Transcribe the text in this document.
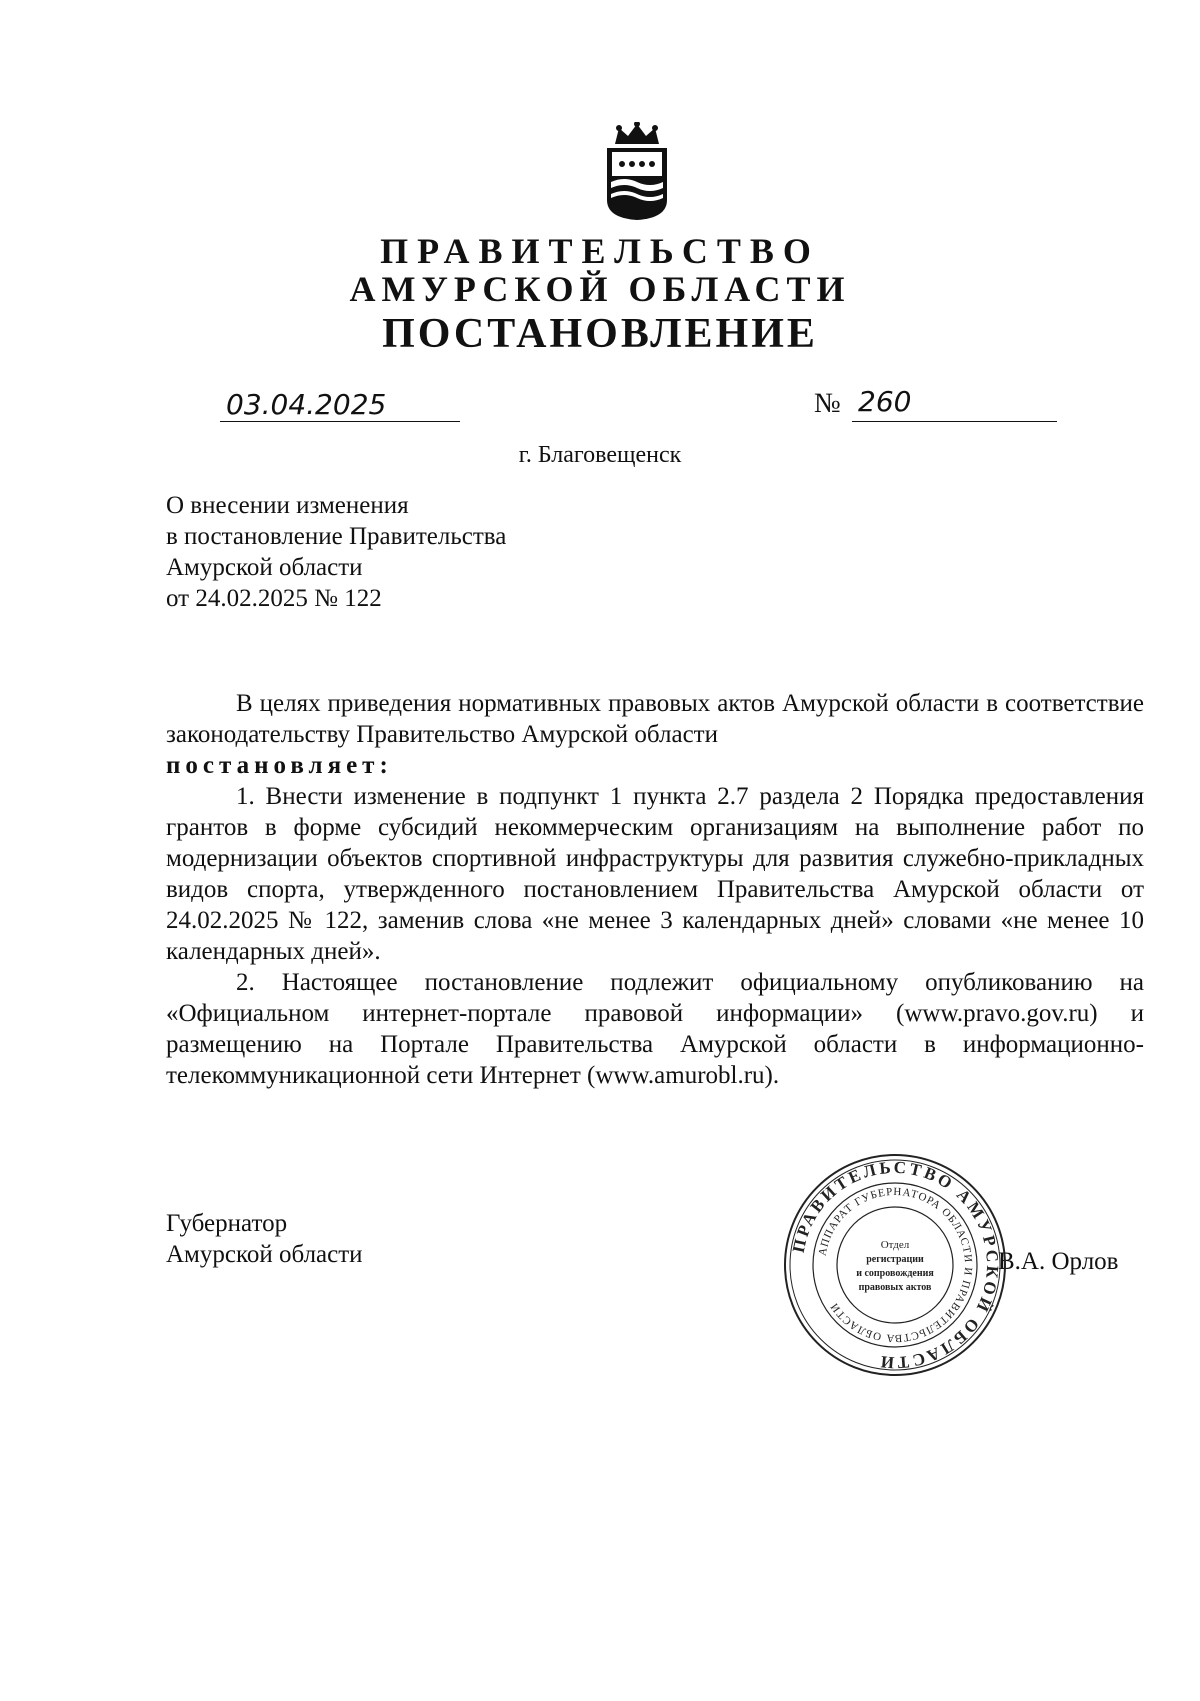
ПРАВИТЕЛЬСТВО
АМУРСКОЙ ОБЛАСТИ
ПОСТАНОВЛЕНИЕ
03.04.2025	№ 260
г. Благовещенск
О внесении изменения
в постановление Правительства
Амурской области
от 24.02.2025 № 122

В целях приведения нормативных правовых актов Амурской области в соответствие законодательству Правительство Амурской области

постановляет:

1. Внести изменение в подпункт 1 пункта 2.7 раздела 2 Порядка предоставления грантов в форме субсидий некоммерческим организациям на выполнение работ по модернизации объектов спортивной инфраструктуры для развития служебно-прикладных видов спорта, утвержденного постановлением Правительства Амурской области от 24.02.2025 № 122, заменив слова «не менее 3 календарных дней» словами «не менее 10 календарных дней».

2. Настоящее постановление подлежит официальному опубликованию на «Официальном интернет-портале правовой информации» (www.pravo.gov.ru) и размещению на Портале Правительства Амурской области в информационно-телекоммуникационной сети Интернет (www.amurobl.ru).

Губернатор
Амурской области	В.А. Орлов
ПРАВИТЕЛЬСТВО АМУРСКОЙ ОБЛАСТИ
АППАРАТ ГУБЕРНАТОРА ОБЛАСТИ И ПРАВИТЕЛЬСТВА ОБЛАСТИ
Отдел
регистрации
и сопровождения
правовых актов
